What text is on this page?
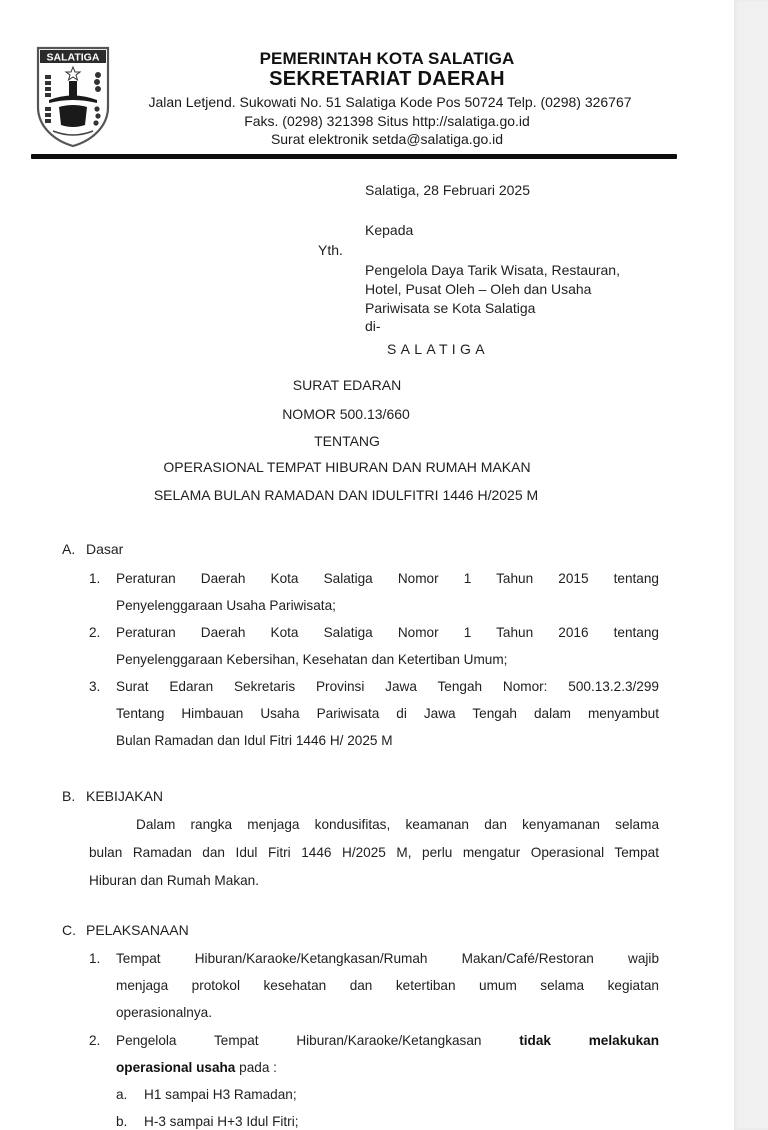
SALATIGA	PEMERINTAH KOTA SALATIGA
SEKRETARIAT DAERAH
Jalan Letjend. Sukowati No. 51 Salatiga Kode Pos 50724 Telp. (0298) 326767
Faks. (0298) 321398 Situs http://salatiga.go.id
Surat elektronik setda@salatiga.go.id
Salatiga, 28 Februari 2025
Kepada
Yth.
Pengelola Daya Tarik Wisata, Restauran,
Hotel, Pusat Oleh – Oleh dan Usaha
Pariwisata se Kota Salatiga
di-
SALATIGA
SURAT EDARAN
NOMOR 500.13/660
TENTANG
OPERASIONAL TEMPAT HIBURAN DAN RUMAH MAKAN
SELAMA BULAN RAMADAN DAN IDULFITRI 1446 H/2025 M
A. Dasar
1. Peraturan Daerah Kota Salatiga Nomor 1 Tahun 2015 tentang
Penyelenggaraan Usaha Pariwisata;
2. Peraturan Daerah Kota Salatiga Nomor 1 Tahun 2016 tentang
Penyelenggaraan Kebersihan, Kesehatan dan Ketertiban Umum;
3. Surat Edaran Sekretaris Provinsi Jawa Tengah Nomor: 500.13.2.3/299
Tentang Himbauan Usaha Pariwisata di Jawa Tengah dalam menyambut
Bulan Ramadan dan Idul Fitri 1446 H/ 2025 M
B. KEBIJAKAN
Dalam rangka menjaga kondusifitas, keamanan dan kenyamanan selama
bulan Ramadan dan Idul Fitri 1446 H/2025 M, perlu mengatur Operasional Tempat
Hiburan dan Rumah Makan.
C. PELAKSANAAN
1. Tempat Hiburan/Karaoke/Ketangkasan/Rumah Makan/Café/Restoran wajib
menjaga protokol kesehatan dan ketertiban umum selama kegiatan
operasionalnya.
2. Pengelola Tempat Hiburan/Karaoke/Ketangkasan	tidak melakukan
operasional usaha pada :
a. H1 sampai H3 Ramadan;
b. H-3 sampai H+3 Idul Fitri;
